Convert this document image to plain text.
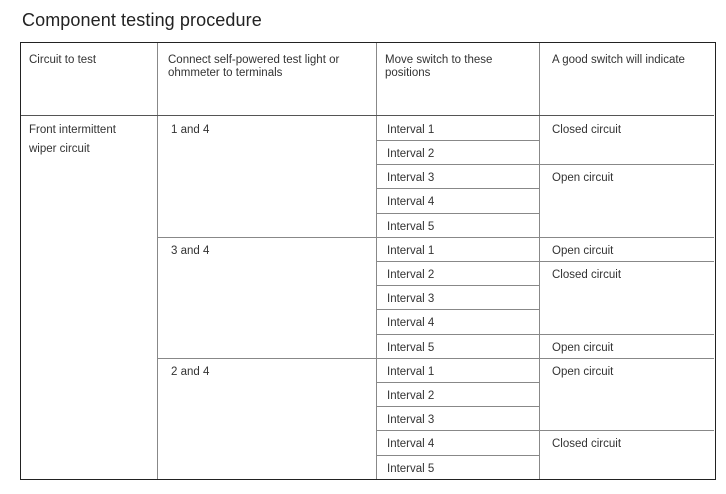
Component testing procedure
Circuit to test	Connect self-powered test light or
ohmmeter to terminals
Move switch to these
positions
A good switch will indicate
Front intermittent
wiper circuit
1 and 4
3 and 4
2 and 4
Interval 1
Interval 2
Interval 3
Interval 4
Interval 5
Interval 1
Interval 2
Interval 3
Interval 4
Interval 5
Interval 1
Interval 2
Interval 3
Interval 4
Interval 5
Closed circuit
Open circuit
Open circuit
Closed circuit
Open circuit
Open circuit
Closed circuit
